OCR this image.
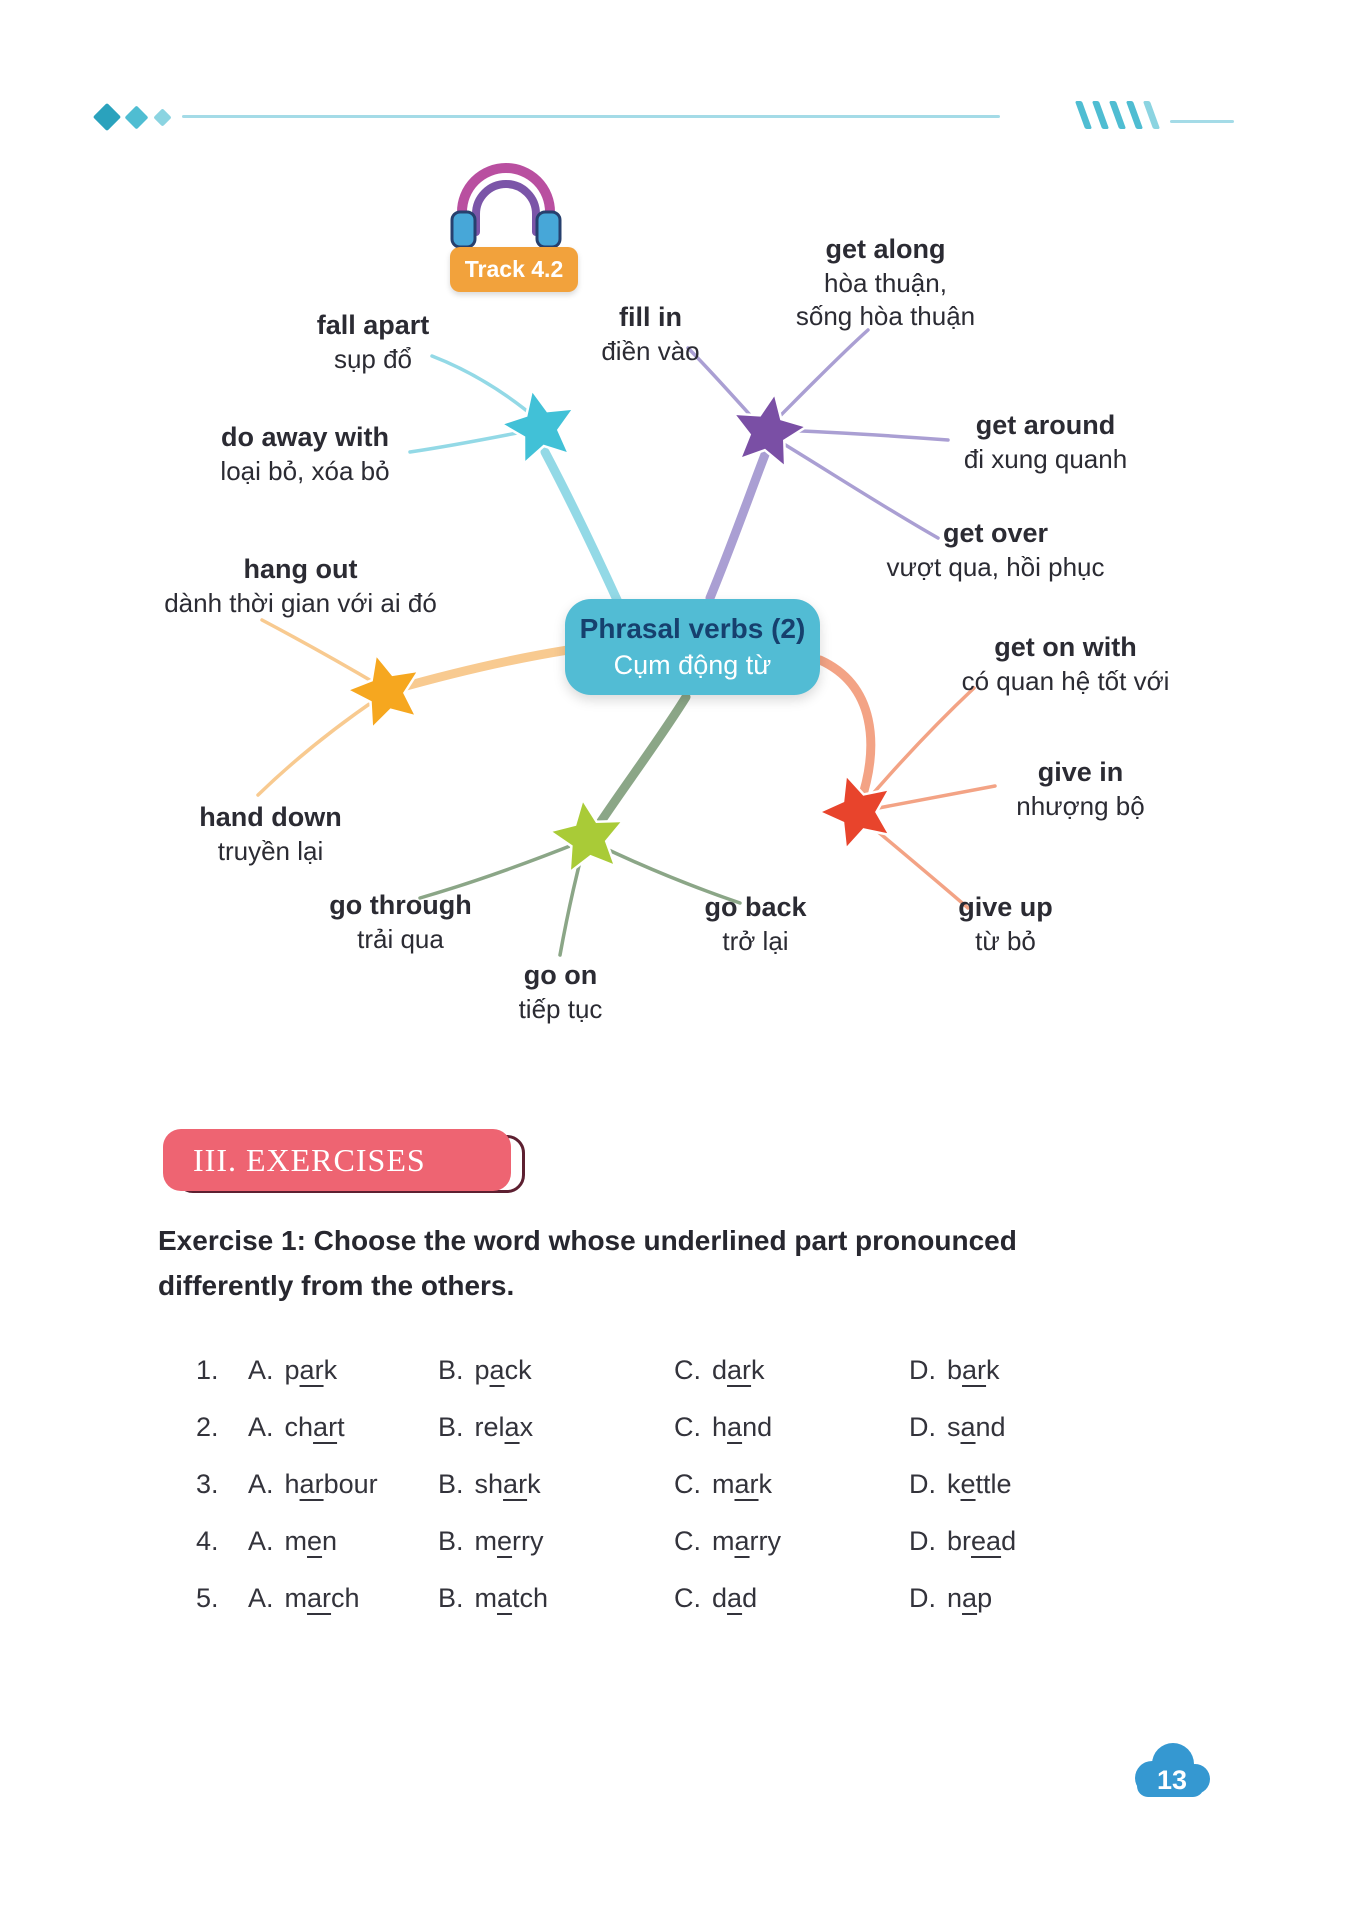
Track 4.2
Phrasal verbs (2)
Cụm động từ
fall apart
sụp đổ
do away with
loại bỏ, xóa bỏ
fill in
điền vào
get along
hòa thuận, sống hòa thuận
get around
đi xung quanh
get over
vượt qua, hồi phục
hang out
dành thời gian với ai đó
hand down
truyền lại
go through
trải qua
go on
tiếp tục
go back
trở lại
get on with
có quan hệ tốt với
give in
nhượng bộ
give up
từ bỏ
III. EXERCISES
Exercise 1: Choose the word whose underlined part pronounced differently from the others.
1.	A. park	B. pack	C. dark	D. bark
2.	A. chart	B. relax	C. hand	D. sand
3.	A. harbour	B. shark	C. mark	D. kettle
4.	A. men	B. merry	C. marry	D. bread
5.	A. march	B. match	C. dad	D. nap
13
